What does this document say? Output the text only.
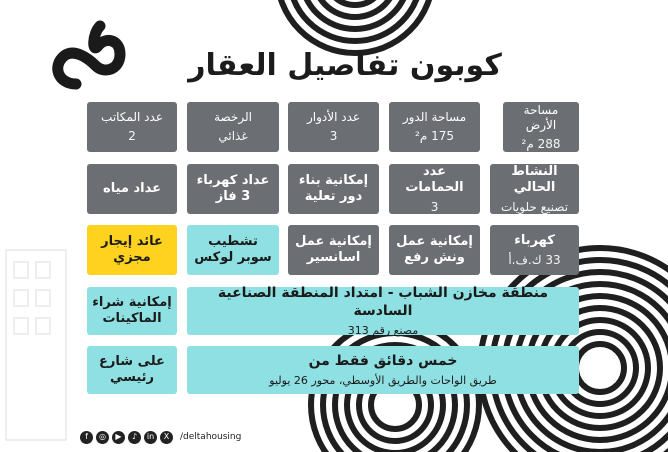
كوبون تفاصيل العقار
مساحة الأرض
288 م²
مساحة الدور
175 م²
عدد الأدوار
3
الرخصة
غذائي
عدد المكاتب
2
النشاط الحالي
تصنيع حلويات
عدد الحمامات
3
إمكانية بناء
دور تعلية
عداد كهرباء
3 فاز
عداد مياه
كهرباء
33 ك.ف.أ
إمكانية عمل ونش رفع
إمكانية عمل اسانسير
تشطيب سوبر لوكس
عائد إيجار مجزي
منطقة مخازن الشباب - امتداد المنطقة الصناعية السادسة
مصنع رقم 313
إمكانية شراء الماكينات
خمس دقائق فقط من
طريق الواحات والطريق الأوسطي، محور 26 يوليو
على شارع رئيسي
f	◎	▶	♪	in	X	/deltahousing
